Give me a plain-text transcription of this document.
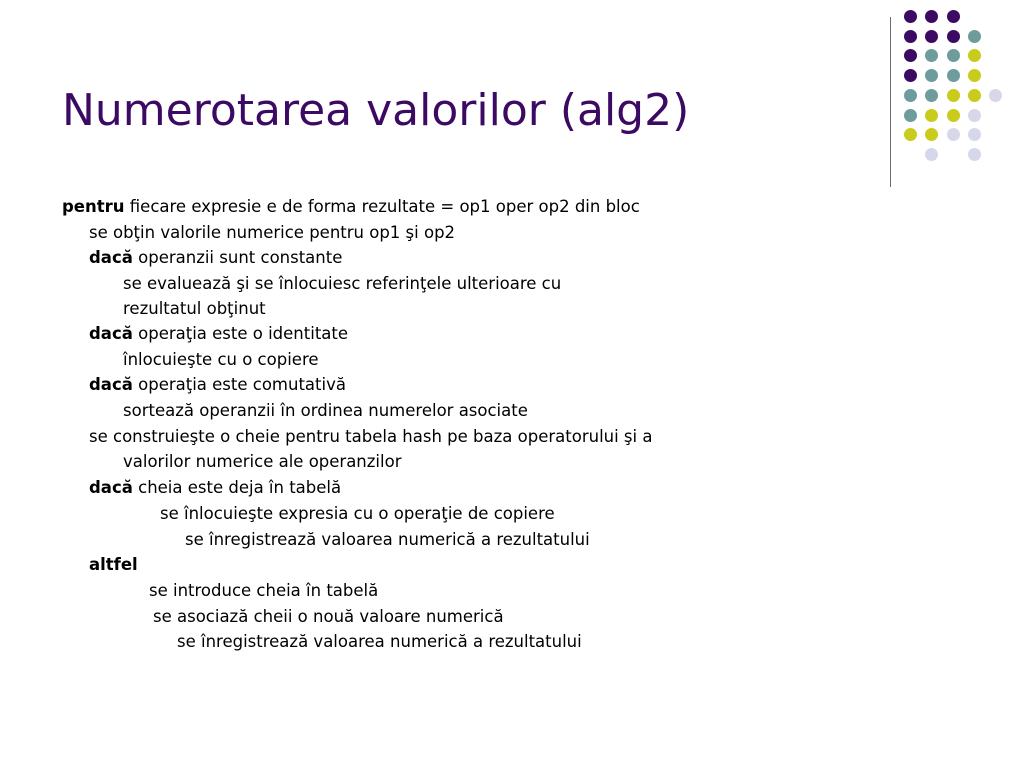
Numerotarea valorilor (alg2)
pentru fiecare expresie e de forma rezultate = op1 oper op2 din bloc
se obţin valorile numerice pentru op1 şi op2
dacă operanzii sunt constante
se evaluează şi se înlocuiesc referinţele ulterioare cu
rezultatul obţinut
dacă operaţia este o identitate
înlocuieşte cu o copiere
dacă operaţia este comutativă
sortează operanzii în ordinea numerelor asociate
se construieşte o cheie pentru tabela hash pe baza operatorului şi a
valorilor numerice ale operanzilor
dacă cheia este deja în tabelă
se înlocuieşte expresia cu o operaţie de copiere
se înregistrează valoarea numerică a rezultatului
altfel
se introduce cheia în tabelă
se asociază cheii o nouă valoare numerică
se înregistrează valoarea numerică a rezultatului
